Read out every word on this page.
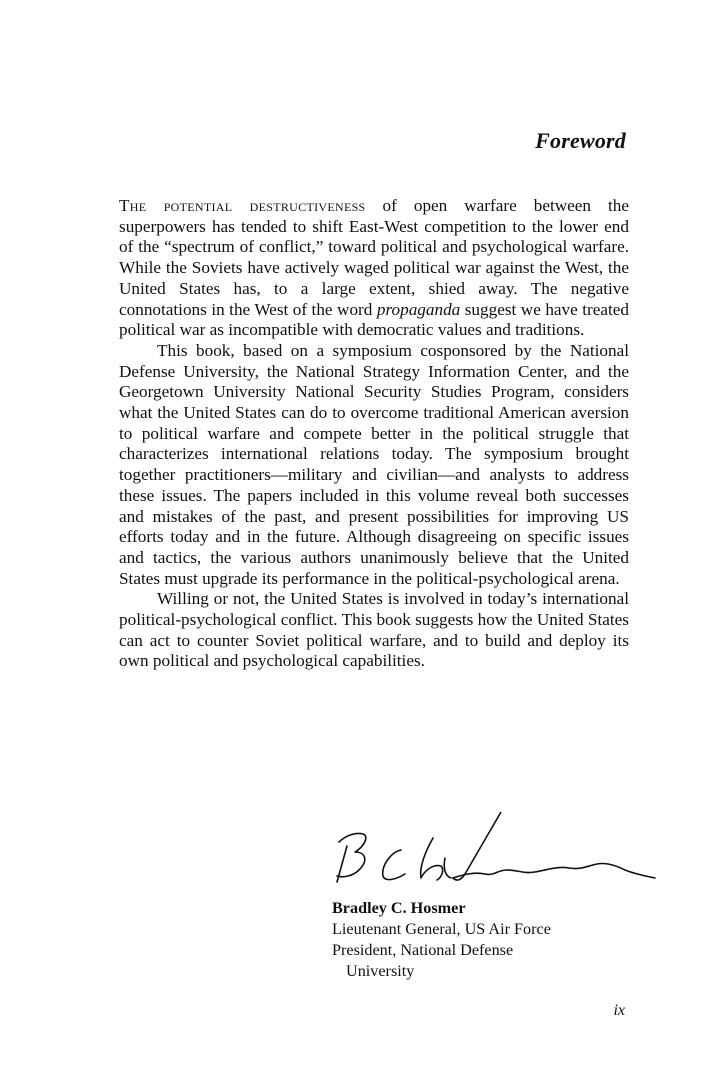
Foreword

The potential destructiveness of open warfare between the superpowers has tended to shift East-West competition to the lower end of the “spectrum of conflict,” toward political and psychological warfare. While the Soviets have actively waged political war against the West, the United States has, to a large extent, shied away. The negative connotations in the West of the word propaganda suggest we have treated political war as incompatible with democratic values and traditions.

This book, based on a symposium cosponsored by the National Defense University, the National Strategy Information Center, and the Georgetown University National Security Studies Program, considers what the United States can do to overcome traditional American aversion to political warfare and compete better in the political struggle that characterizes international relations today. The symposium brought together practitioners—military and civilian—and analysts to address these issues. The papers included in this volume reveal both successes and mistakes of the past, and present possibilities for improving US efforts today and in the future. Although disagreeing on specific issues and tactics, the various authors unanimously believe that the United States must upgrade its performance in the political-psychological arena.

Willing or not, the United States is involved in today’s international political-psychological conflict. This book suggests how the United States can act to counter Soviet political warfare, and to build and deploy its own political and psychological capabilities.

Bradley C. Hosmer

Lieutenant General, US Air Force

President, National Defense

University

ix
